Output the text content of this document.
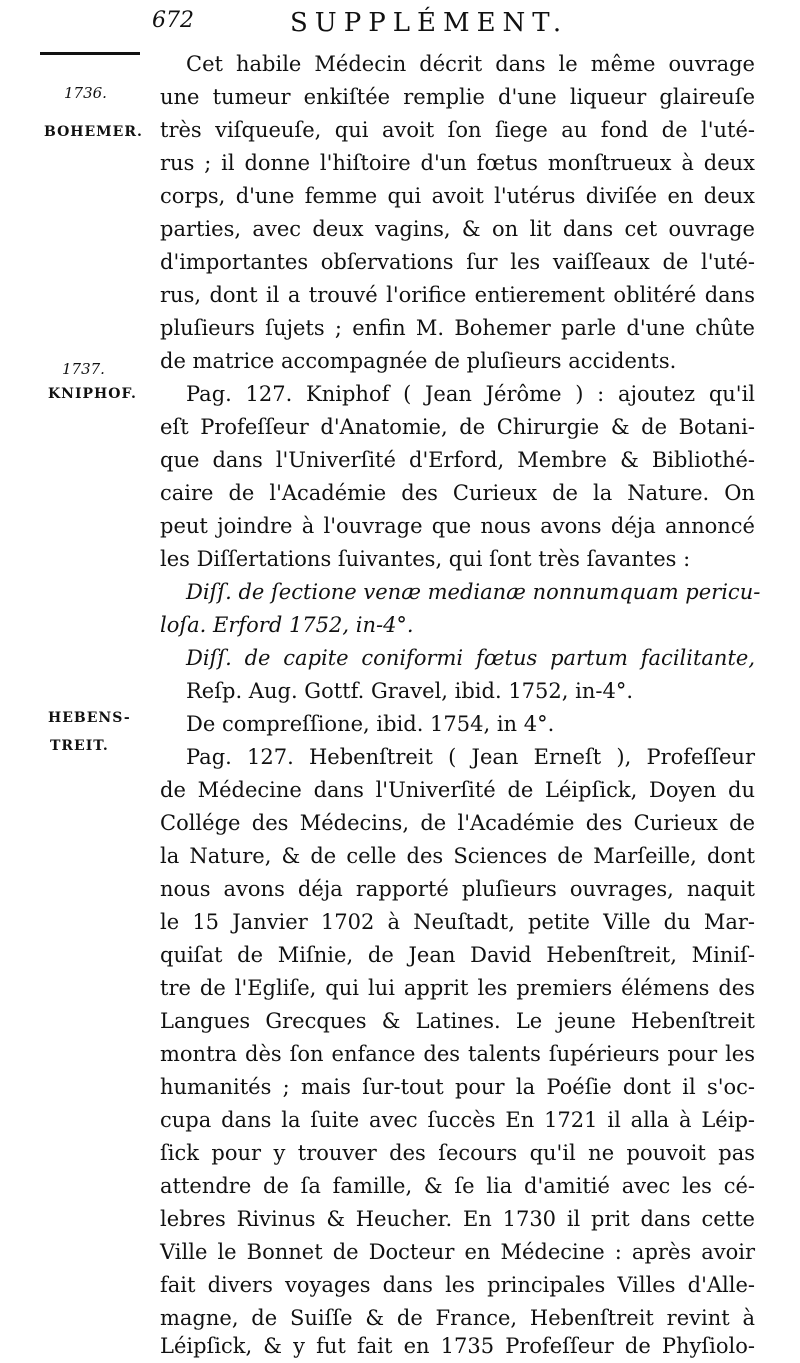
672	SUPPLÉMENT.
1736.
BOHEMER.
1737.
KNIPHOF.
HEBENS-
TREIT.
Cet habile Médecin décrit dans le même ouvrage
une tumeur enkiſtée remplie d'une liqueur glaireuſe
très viſqueuſe, qui avoit ſon ſiege au fond de l'uté-
rus ; il donne l'hiſtoire d'un fœtus monſtrueux à deux
corps, d'une femme qui avoit l'utérus diviſée en deux
parties, avec deux vagins, & on lit dans cet ouvrage
d'importantes obſervations ſur les vaiſſeaux de l'uté-
rus, dont il a trouvé l'orifice entierement oblitéré dans
pluſieurs ſujets ; enfin M. Bohemer parle d'une chûte
de matrice accompagnée de pluſieurs accidents.
Pag. 127. Kniphof ( Jean Jérôme ) : ajoutez qu'il
eſt Profeſſeur d'Anatomie, de Chirurgie & de Botani-
que dans l'Univerſité d'Erford, Membre & Bibliothé-
caire de l'Académie des Curieux de la Nature. On
peut joindre à l'ouvrage que nous avons déja annoncé
les Diſſertations ſuivantes, qui ſont très ſavantes :
Diſſ. de ſectione venæ medianæ nonnumquam pericu-
loſa. Erford 1752, in-4°.
Diſſ. de capite coniformi fœtus partum facilitante,
Reſp. Aug. Gottf. Gravel, ibid. 1752, in-4°.
De compreſſione, ibid. 1754, in 4°.
Pag. 127. Hebenſtreit ( Jean Erneſt ), Profeſſeur
de Médecine dans l'Univerſité de Léipſick, Doyen du
Collége des Médecins, de l'Académie des Curieux de
la Nature, & de celle des Sciences de Marſeille, dont
nous avons déja rapporté pluſieurs ouvrages, naquit
le 15 Janvier 1702 à Neuſtadt, petite Ville du Mar-
quiſat de Miſnie, de Jean David Hebenſtreit, Miniſ-
tre de l'Egliſe, qui lui apprit les premiers élémens des
Langues Grecques & Latines. Le jeune Hebenſtreit
montra dès ſon enfance des talents ſupérieurs pour les
humanités ; mais ſur-tout pour la Poéſie dont il s'oc-
cupa dans la ſuite avec ſuccès En 1721 il alla à Léip-
ſick pour y trouver des ſecours qu'il ne pouvoit pas
attendre de ſa famille, & ſe lia d'amitié avec les cé-
lebres Rivinus & Heucher. En 1730 il prit dans cette
Ville le Bonnet de Docteur en Médecine : après avoir
fait divers voyages dans les principales Villes d'Alle-
magne, de Suiſſe & de France, Hebenſtreit revint à
Léipſick, & y fut fait en 1735 Profeſſeur de Phyſiolo-
